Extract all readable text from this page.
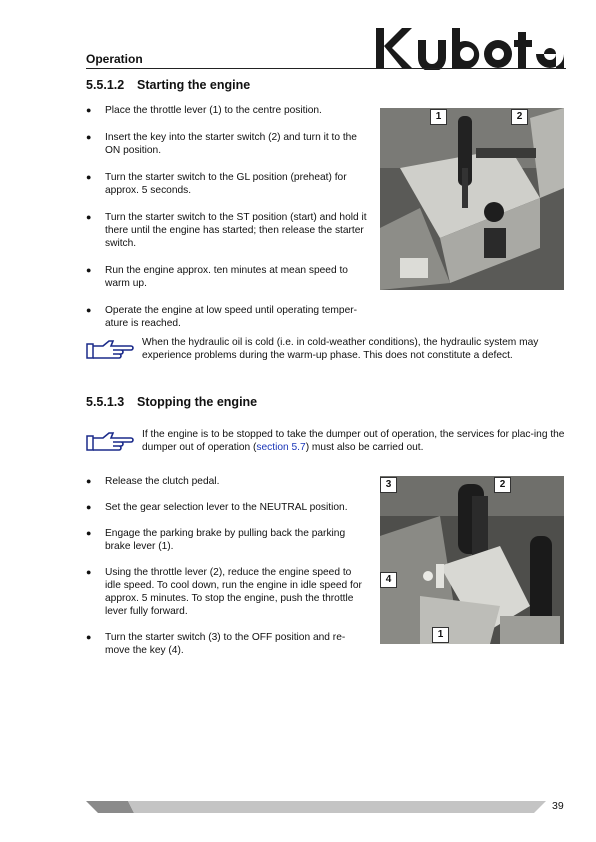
Operation
5.5.1.2 Starting the engine
● Place the throttle lever (1) to the centre position.
● Insert the key into the starter switch (2) and turn it to the ON position.
● Turn the starter switch to the GL position (preheat) for approx. 5 seconds.
● Turn the starter switch to the ST position (start) and hold it there until the engine has started; then release the starter switch.
● Run the engine approx. ten minutes at mean speed to warm up.
● Operate the engine at low speed until operating temper-ature is reached.
1	2
When the hydraulic oil is cold (i.e. in cold-weather conditions), the hydraulic system may experience problems during the warm-up phase. This does not constitute a defect.
5.5.1.3 Stopping the engine
If the engine is to be stopped to take the dumper out of operation, the services for plac-ing the dumper out of operation (section 5.7) must also be carried out.
● Release the clutch pedal.
● Set the gear selection lever to the NEUTRAL position.
● Engage the parking brake by pulling back the parking brake lever (1).
● Using the throttle lever (2), reduce the engine speed to idle speed. To cool down, run the engine in idle speed for approx. 5 minutes. To stop the engine, push the throttle lever fully forward.
● Turn the starter switch (3) to the OFF position and re-move the key (4).
3	2
4
1
39
